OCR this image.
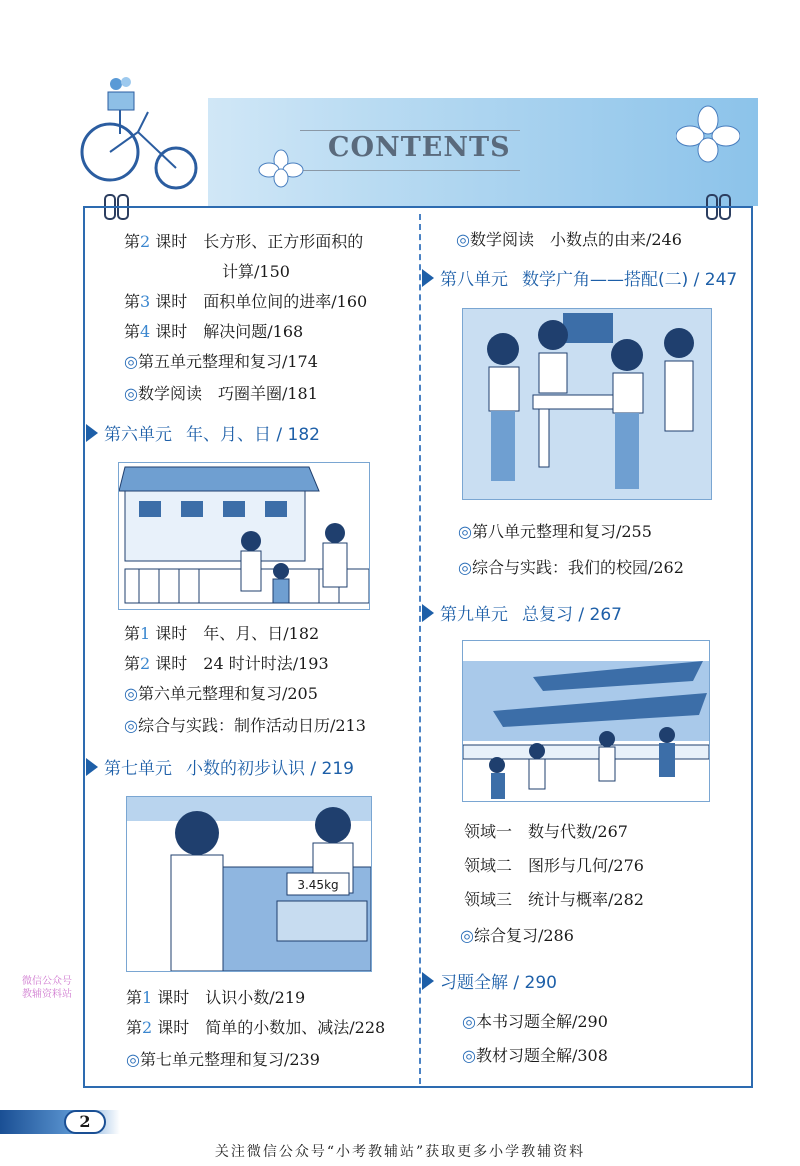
CONTENTS
第2 课时　长方形、正方形面积的
计算/150
第3 课时　面积单位间的进率/160
第4 课时　解决问题/168
◎第五单元整理和复习/174
◎数学阅读　巧圈羊圈/181
第六单元 年、月、日 / 182
第1 课时　年、月、日/182
第2 课时　24 时计时法/193
◎第六单元整理和复习/205
◎综合与实践：制作活动日历/213
第七单元 小数的初步认识 / 219
3.45kg
第1 课时　认识小数/219
第2 课时　简单的小数加、减法/228
◎第七单元整理和复习/239
◎数学阅读　小数点的由来/246
第八单元 数学广角——搭配(二) / 247
◎第八单元整理和复习/255
◎综合与实践：我们的校园/262
第九单元 总复习 / 267
领域一　数与代数/267
领域二　图形与几何/276
领域三　统计与概率/282
◎综合复习/286
习题全解 / 290
◎本书习题全解/290
◎教材习题全解/308
微信公众号
教辅资料站
2
关注微信公众号“小考教辅站”获取更多小学教辅资料
